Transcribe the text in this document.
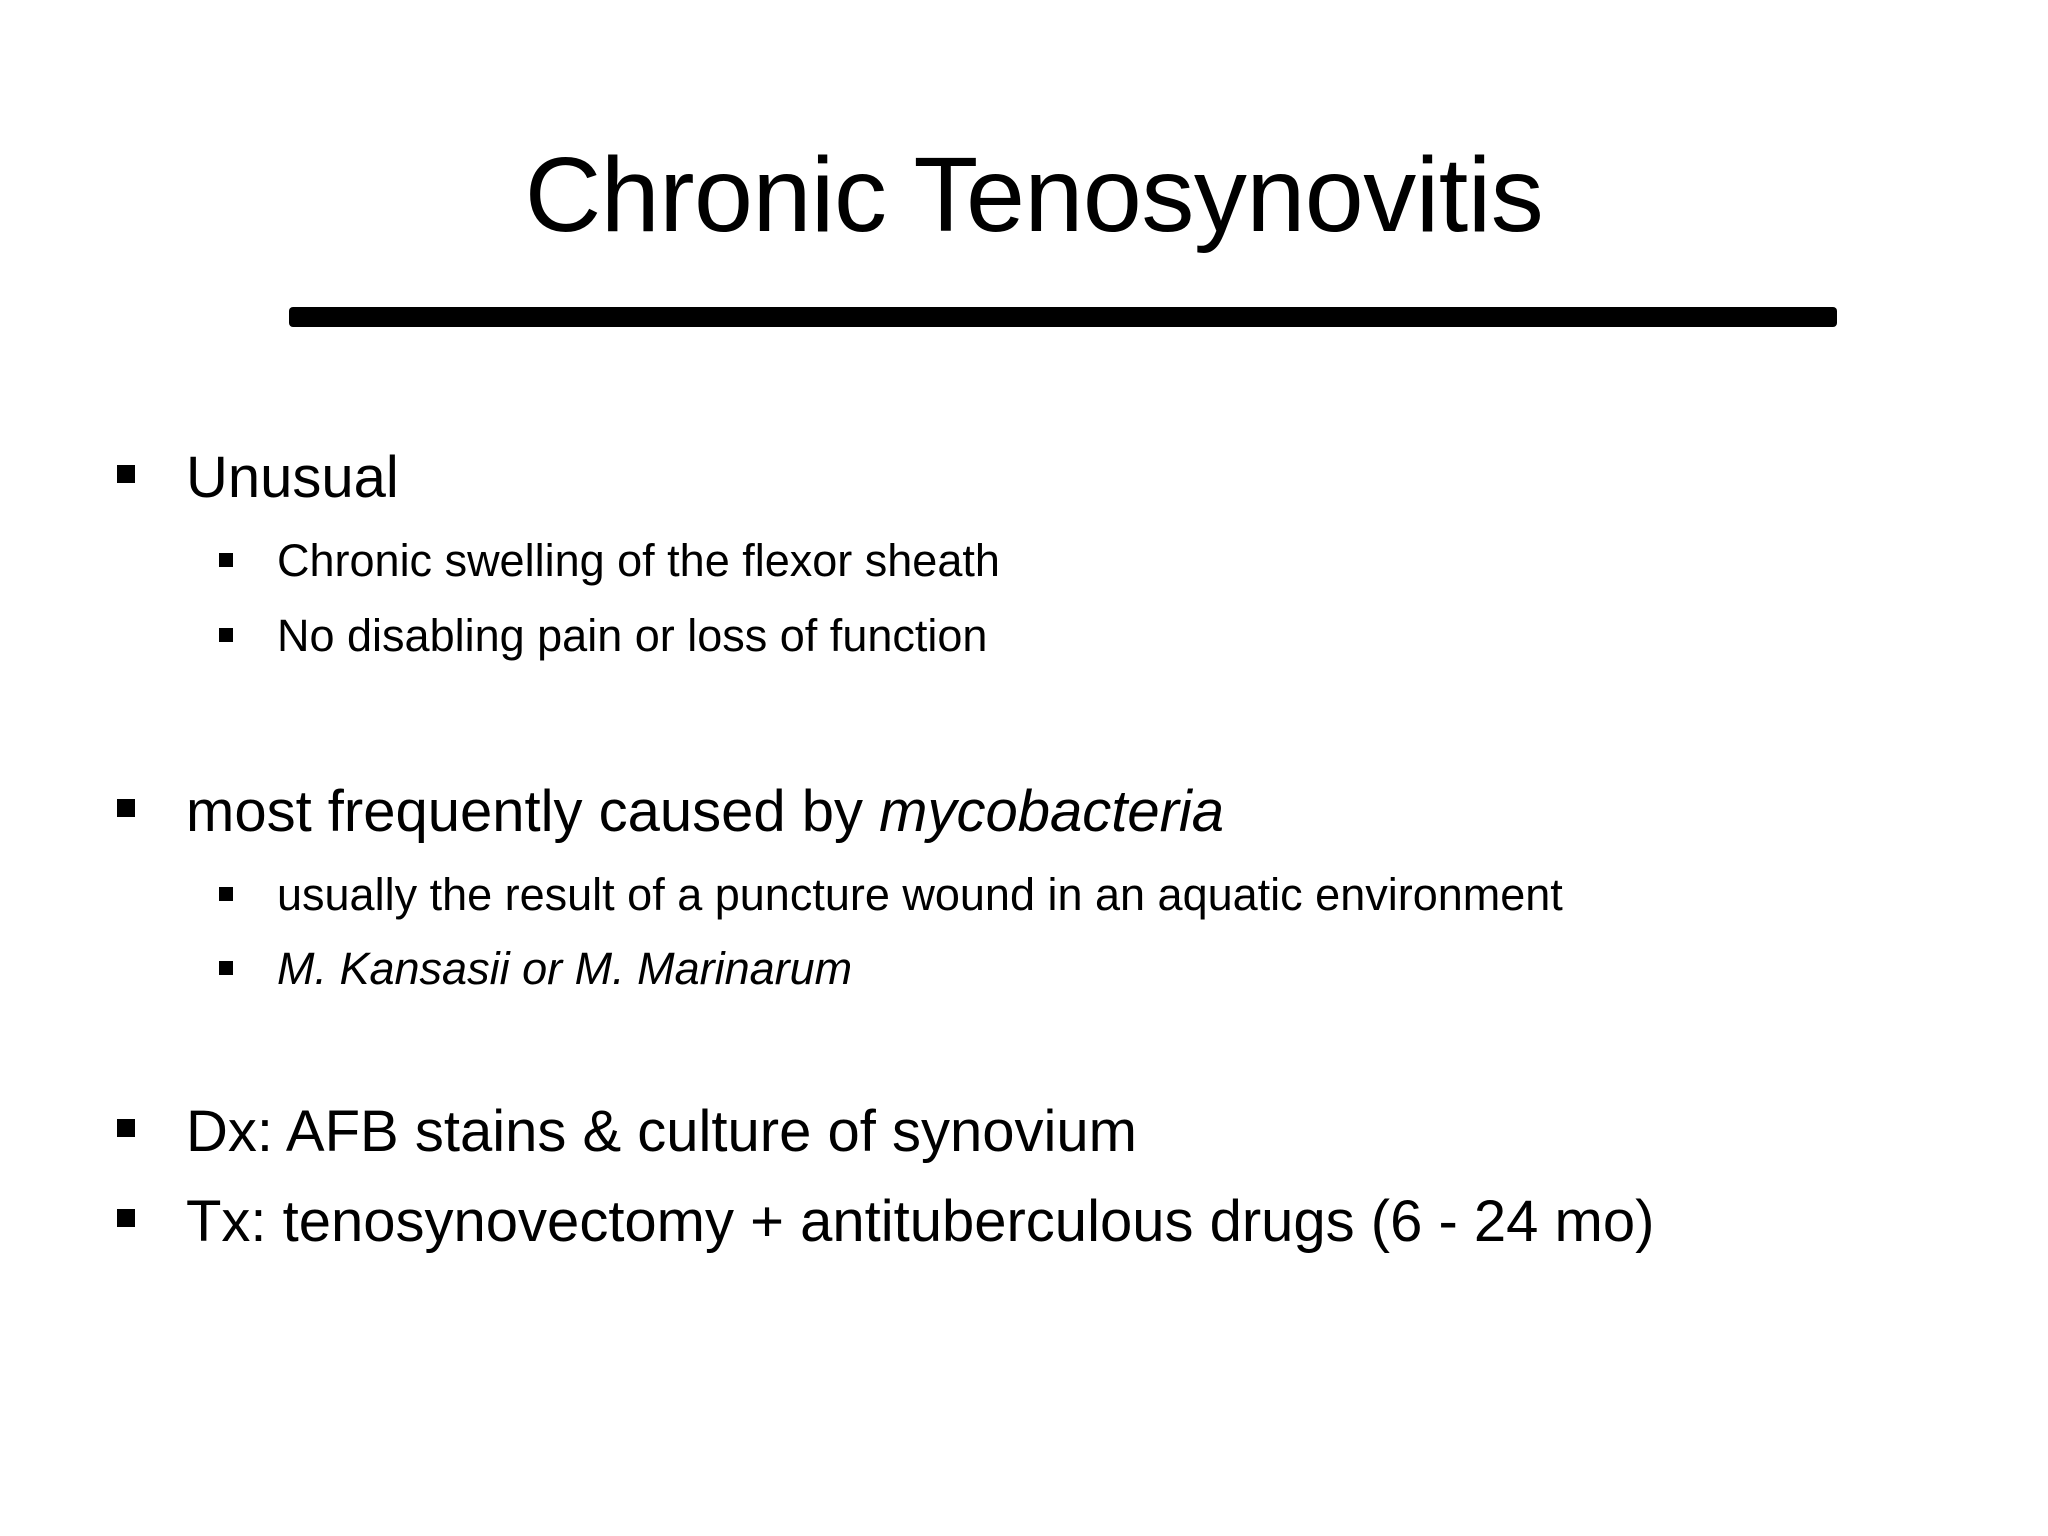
Chronic Tenosynovitis
Unusual
Chronic swelling of the flexor sheath
No disabling pain or loss of function
most frequently caused by mycobacteria
usually the result of a puncture wound in an aquatic environment
M. Kansasii or M. Marinarum
Dx: AFB stains & culture of synovium
Tx: tenosynovectomy + antituberculous drugs (6 - 24 mo)
